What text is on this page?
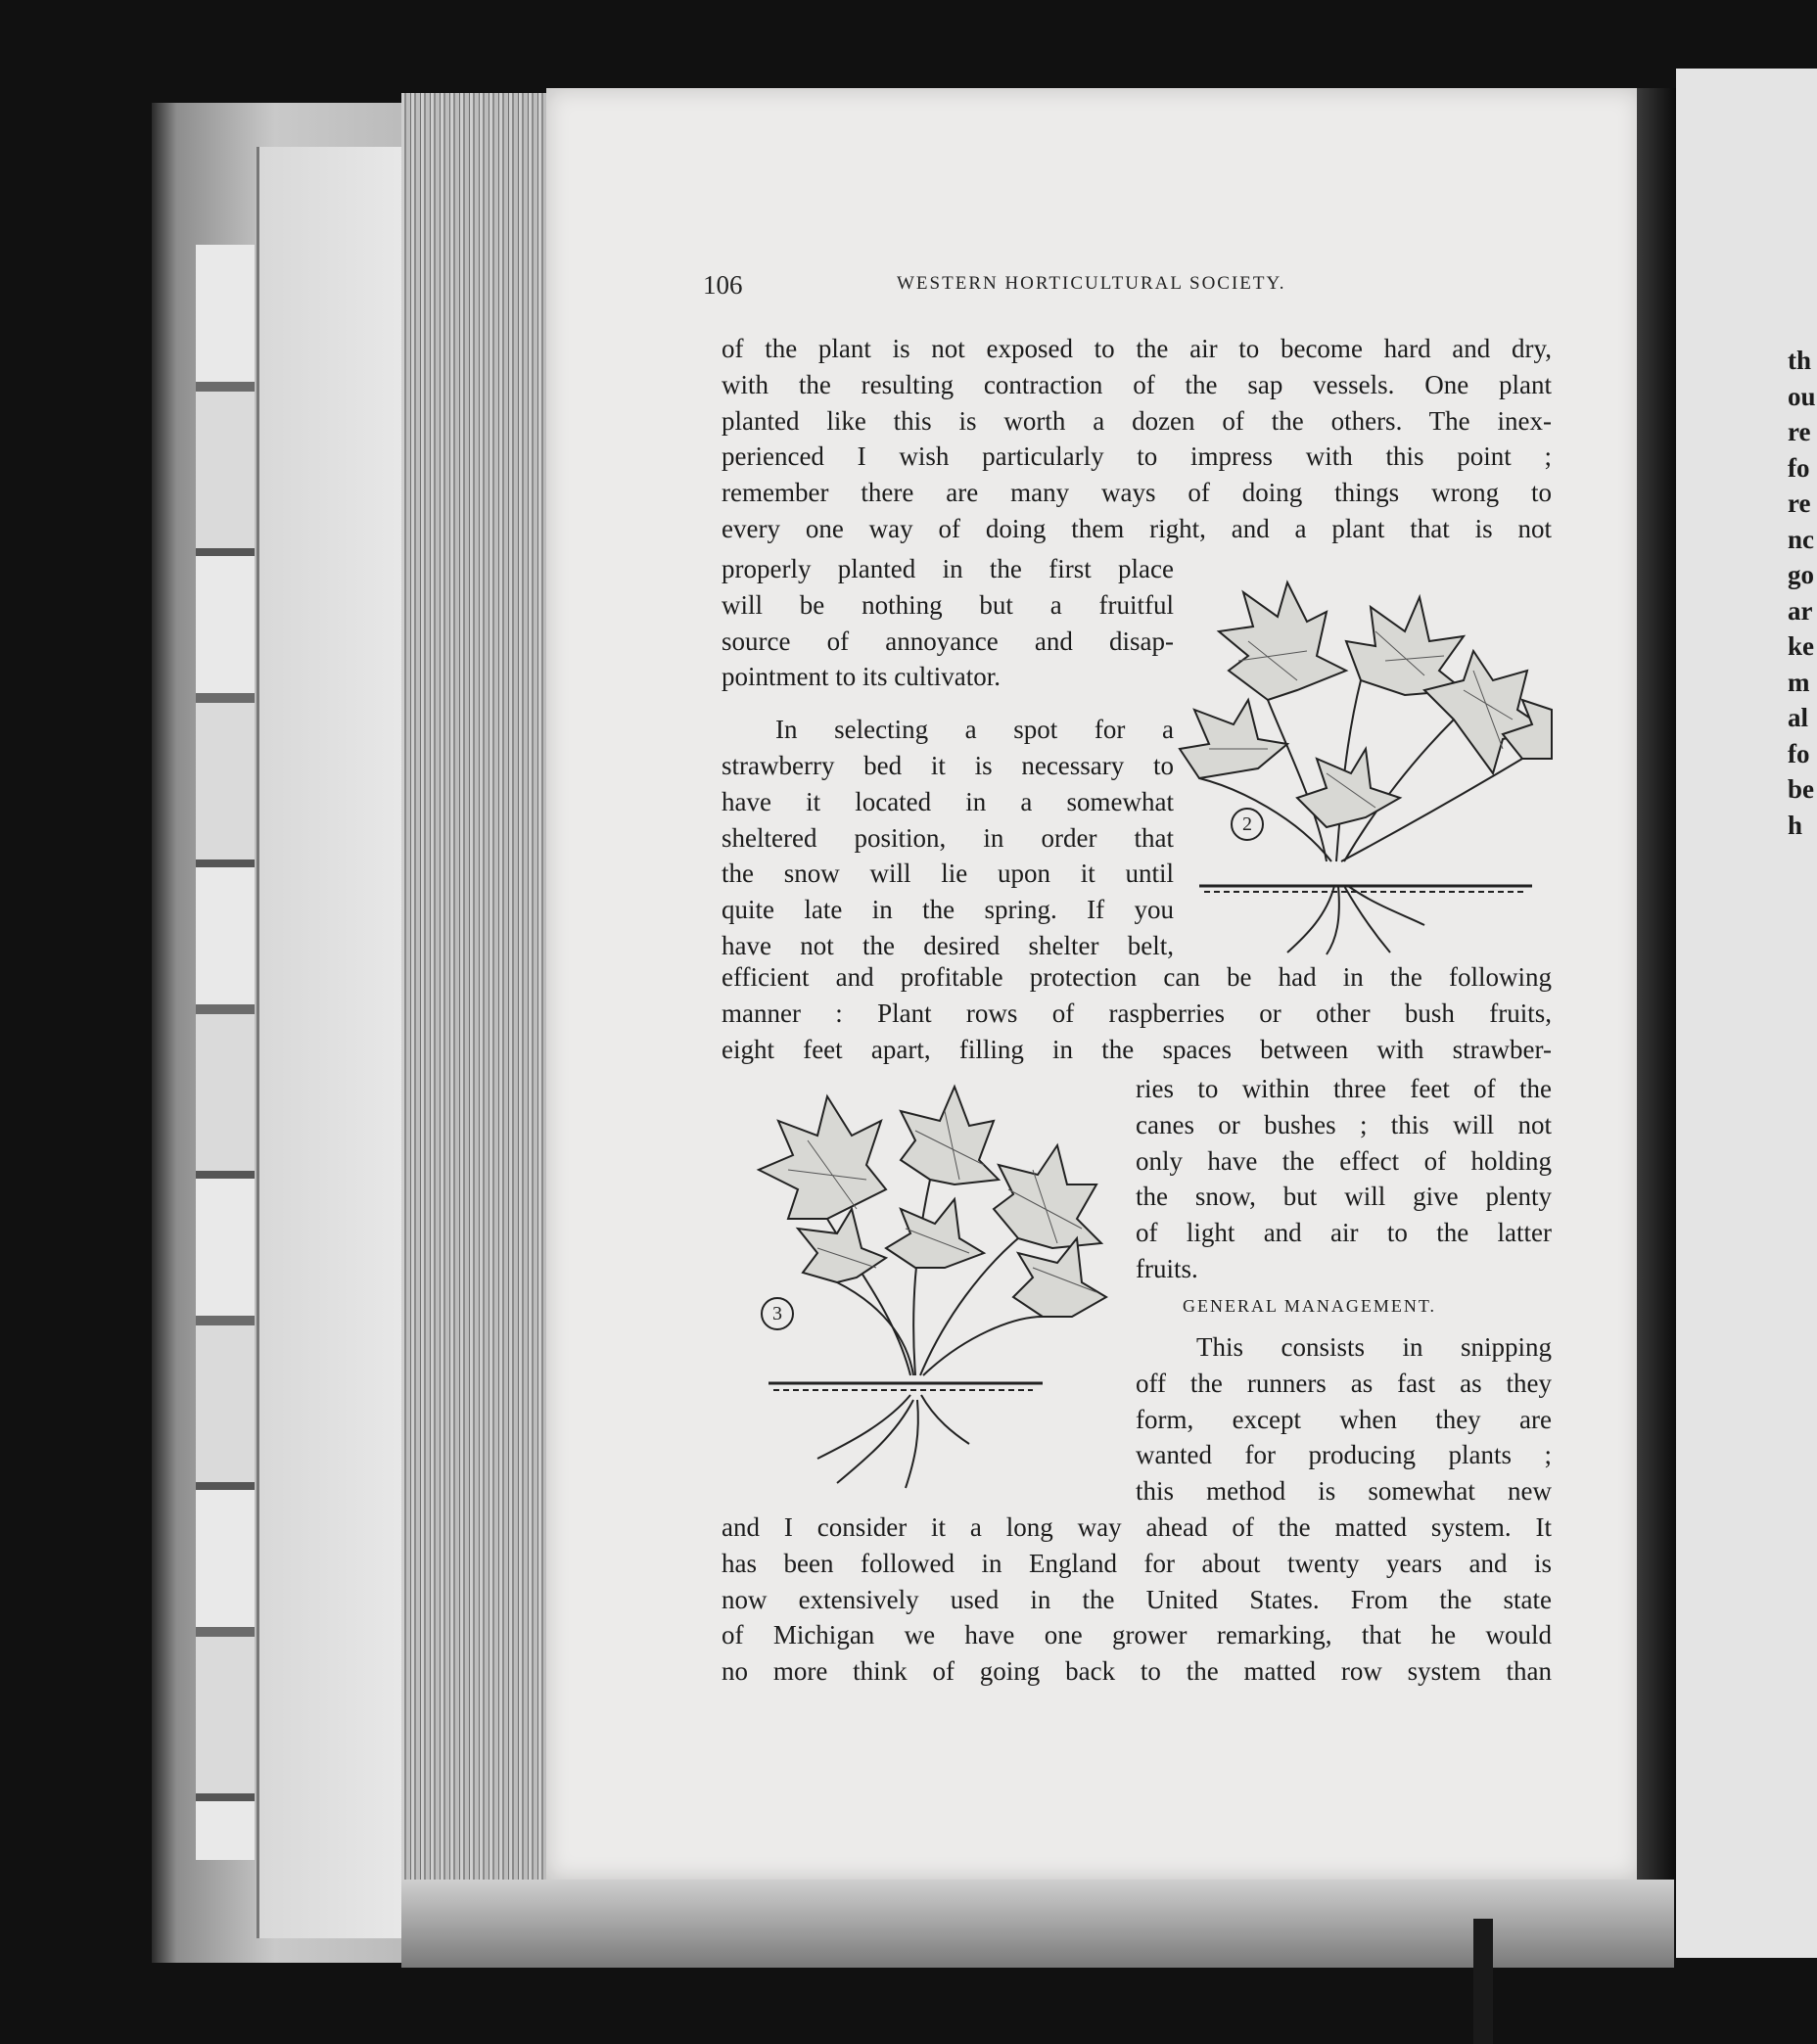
106	WESTERN HORTICULTURAL SOCIETY.
of the plant is not exposed to the air to become hard and dry,
with the resulting contraction of the sap vessels. One plant
planted like this is worth a dozen of the others. The inex-
perienced I wish particularly to impress with this point ;
remember there are many ways of doing things wrong to
every one way of doing them right, and a plant that is not
properly planted in the first place
will be nothing but a fruitful
source of annoyance and disap-
pointment to its cultivator.
In selecting a spot for a
strawberry bed it is necessary to
have it located in a somewhat
sheltered position, in order that
the snow will lie upon it until
quite late in the spring. If you
have not the desired shelter belt,
efficient and profitable protection can be had in the following
manner : Plant rows of raspberries or other bush fruits,
eight feet apart, filling in the spaces between with strawber-
ries to within three feet of the
canes or bushes ; this will not
only have the effect of holding
the snow, but will give plenty
of light and air to the latter
fruits.
This consists in snipping
off the runners as fast as they
form, except when they are
wanted for producing plants ;
this method is somewhat new
and I consider it a long way ahead of the matted system. It
has been followed in England for about twenty years and is
now extensively used in the United States. From the state
of Michigan we have one grower remarking, that he would
no more think of going back to the matted row system than
GENERAL MANAGEMENT.
2
3
th
ou
re
fo
re
nc
go
ar
ke
m
al
fo
be
h
